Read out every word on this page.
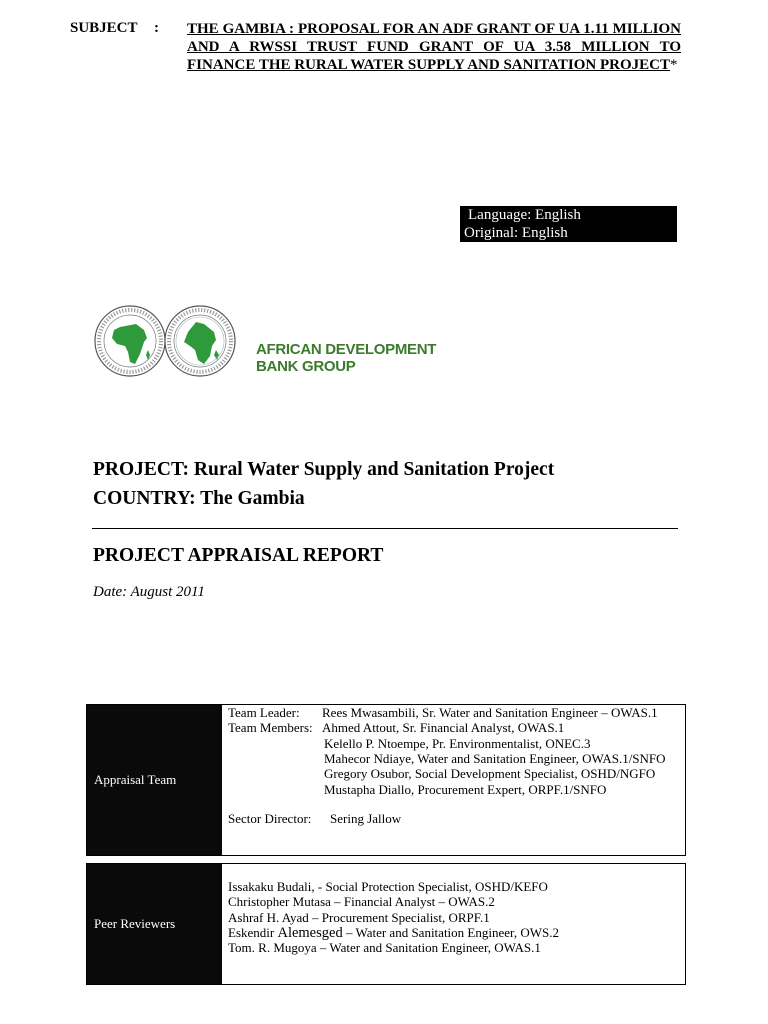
SUBJECT : THE GAMBIA : PROPOSAL FOR AN ADF GRANT OF UA 1.11 MILLION AND A RWSSI TRUST FUND GRANT OF UA 3.58 MILLION TO FINANCE THE RURAL WATER SUPPLY AND SANITATION PROJECT*
Language: English
Original: English
AFRICAN DEVELOPMENT
BANK GROUP
PROJECT: Rural Water Supply and Sanitation Project
COUNTRY: The Gambia
PROJECT APPRAISAL REPORT
Date: August 2011
Appraisal Team
Team Leader: Rees Mwasambili, Sr. Water and Sanitation Engineer – OWAS.1
Team Members: Ahmed Attout, Sr. Financial Analyst, OWAS.1
Kelello P. Ntoempe, Pr. Environmentalist, ONEC.3
Mahecor Ndiaye, Water and Sanitation Engineer, OWAS.1/SNFO
Gregory Osubor, Social Development Specialist, OSHD/NGFO
Mustapha Diallo, Procurement Expert, ORPF.1/SNFO
Sector Director: Sering Jallow
Peer Reviewers
Issakaku Budali, - Social Protection Specialist, OSHD/KEFO
Christopher Mutasa – Financial Analyst – OWAS.2
Ashraf H. Ayad – Procurement Specialist, ORPF.1
Eskendir Alemesged – Water and Sanitation Engineer, OWS.2
Tom. R. Mugoya – Water and Sanitation Engineer, OWAS.1
